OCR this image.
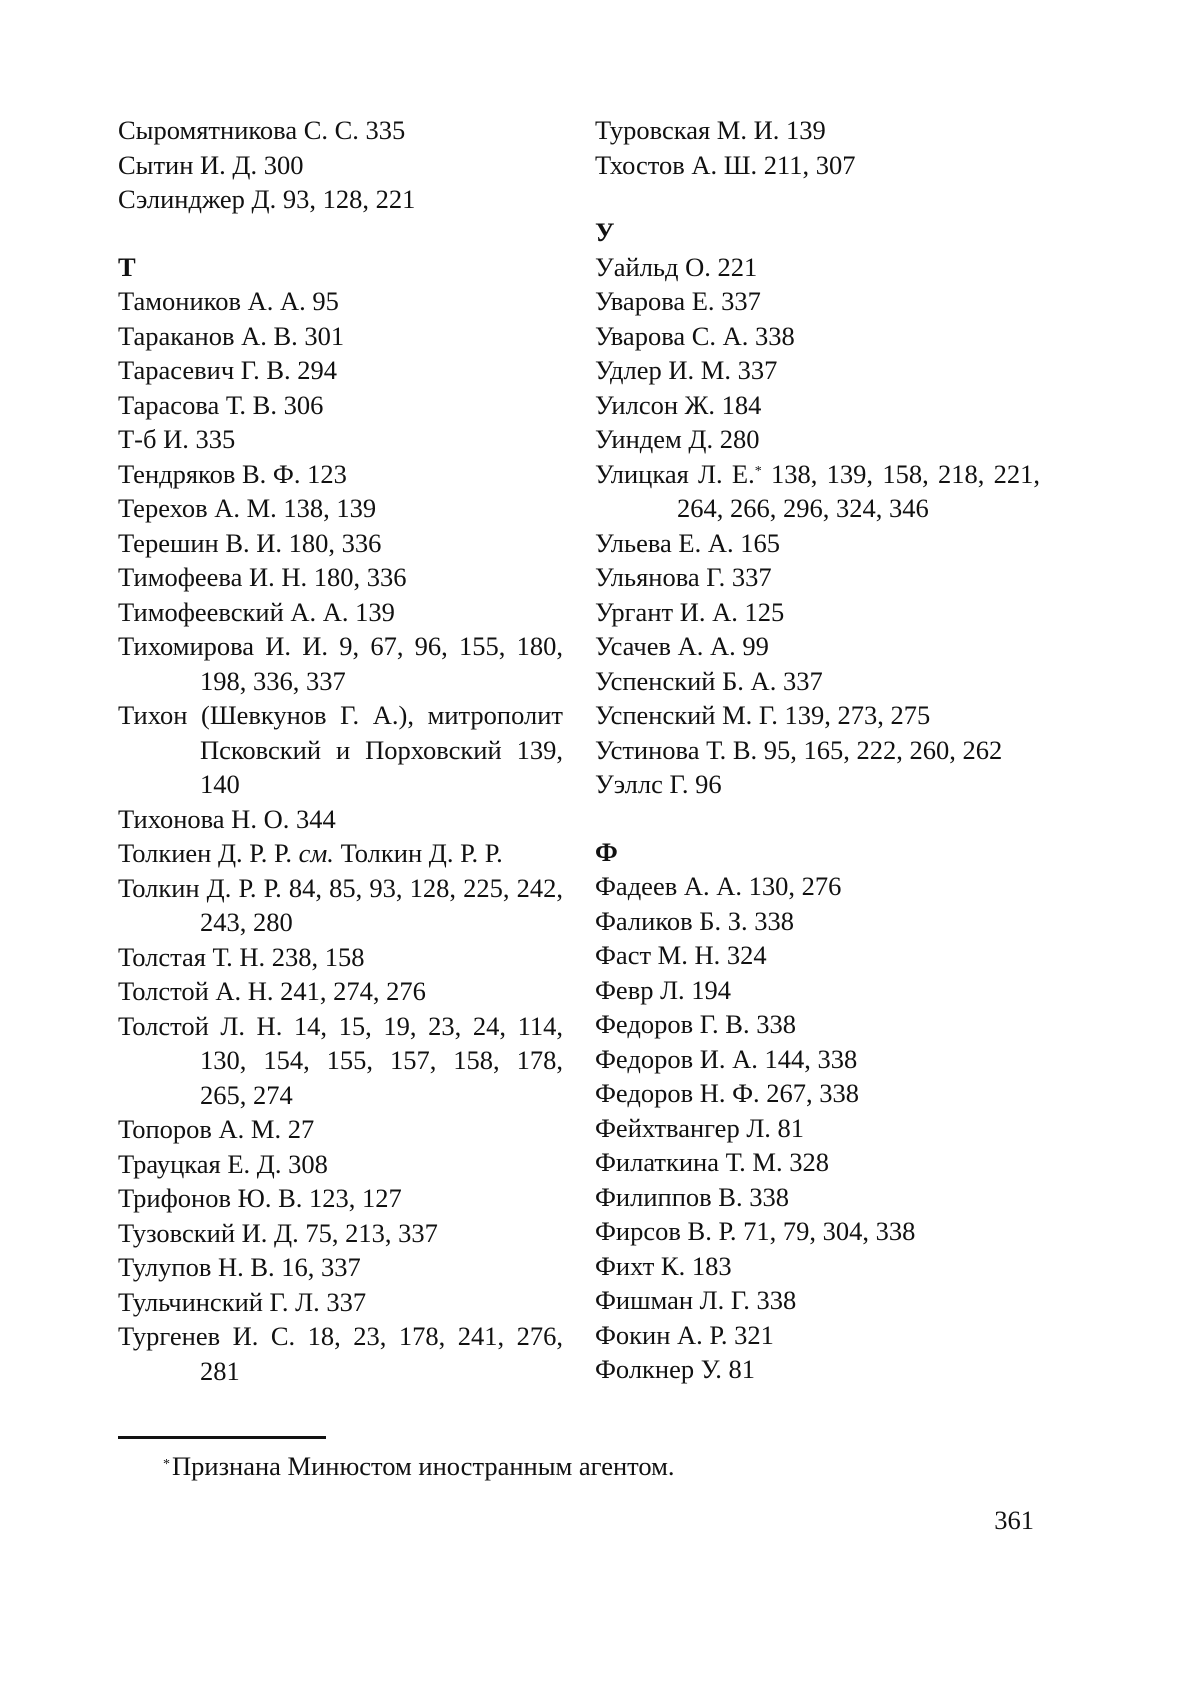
Сыромятникова С. С. 335
Сытин И. Д. 300
Сэлинджер Д. 93, 128, 221
Т
Тамоников А. А. 95
Тараканов А. В. 301
Тарасевич Г. В. 294
Тарасова Т. В. 306
Т-б И. 335
Тендряков В. Ф. 123
Терехов А. М. 138, 139
Терешин В. И. 180, 336
Тимофеева И. Н. 180, 336
Тимофеевский А. А. 139
Тихомирова И. И. 9, 67, 96, 155, 180, 198, 336, 337
Тихон (Шевкунов Г. А.), митрополит Псковский и Порховский 139, 140
Тихонова Н. О. 344
Толкиен Д. Р. Р. см. Толкин Д. Р. Р.
Толкин Д. Р. Р. 84, 85, 93, 128, 225, 242, 243, 280
Толстая Т. Н. 238, 158
Толстой А. Н. 241, 274, 276
Толстой Л. Н. 14, 15, 19, 23, 24, 114, 130, 154, 155, 157, 158, 178, 265, 274
Топоров А. М. 27
Трауцкая Е. Д. 308
Трифонов Ю. В. 123, 127
Тузовский И. Д. 75, 213, 337
Тулупов Н. В. 16, 337
Тульчинский Г. Л. 337
Тургенев И. С. 18, 23, 178, 241, 276, 281
Туровская М. И. 139
Тхостов А. Ш. 211, 307
У
Уайльд О. 221
Уварова Е. 337
Уварова С. А. 338
Удлер И. М. 337
Уилсон Ж. 184
Уиндем Д. 280
Улицкая Л. Е.* 138, 139, 158, 218, 221, 264, 266, 296, 324, 346
Ульева Е. А. 165
Ульянова Г. 337
Ургант И. А. 125
Усачев А. А. 99
Успенский Б. А. 337
Успенский М. Г. 139, 273, 275
Устинова Т. В. 95, 165, 222, 260, 262
Уэллс Г. 96
Ф
Фадеев А. А. 130, 276
Фаликов Б. З. 338
Фаст М. Н. 324
Февр Л. 194
Федоров Г. В. 338
Федоров И. А. 144, 338
Федоров Н. Ф. 267, 338
Фейхтвангер Л. 81
Филаткина Т. М. 328
Филиппов В. 338
Фирсов В. Р. 71, 79, 304, 338
Фихт К. 183
Фишман Л. Г. 338
Фокин А. Р. 321
Фолкнер У. 81
*Признана Минюстом иностранным агентом.
361
